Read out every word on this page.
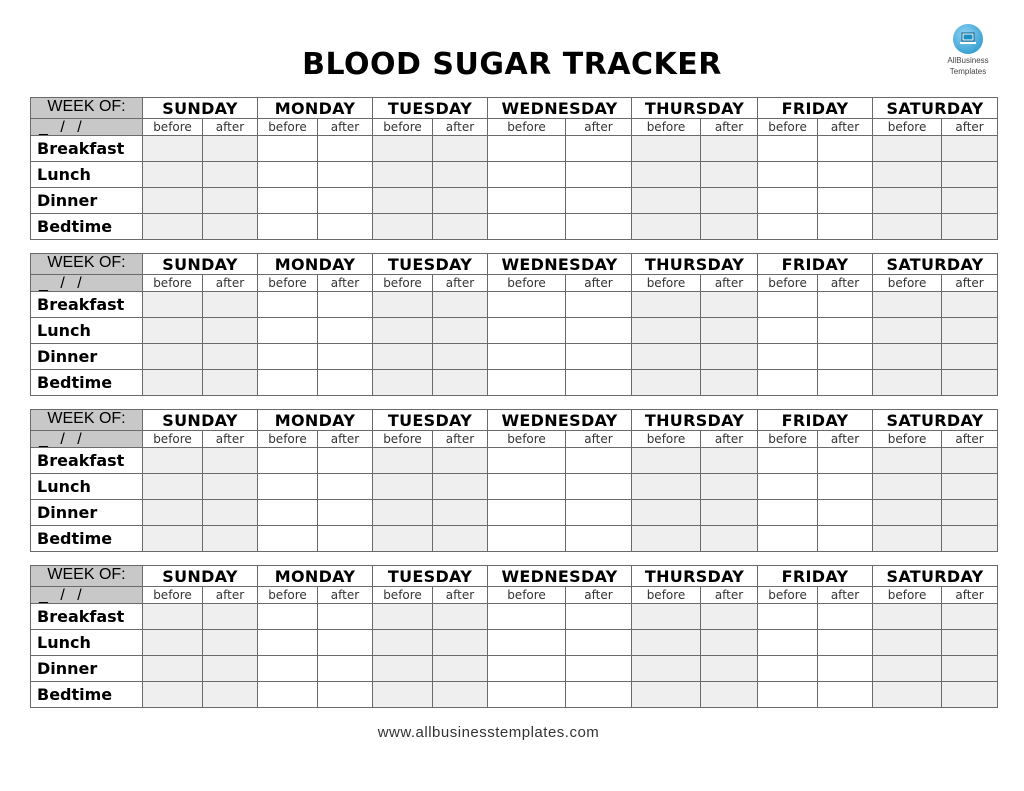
BLOOD SUGAR TRACKER	AllBusiness
Templates
WEEK OF:	SUNDAY		MONDAY		TUESDAY		WEDNESDAY		THURSDAY		FRIDAY		SATURDAY	
_ / /	before	after	before	after	before	after	before	after	before	after	before	after	before	after
Breakfast														
Lunch														
Dinner														
Bedtime														
WEEK OF:	SUNDAY		MONDAY		TUESDAY		WEDNESDAY		THURSDAY		FRIDAY		SATURDAY	
_ / /	before	after	before	after	before	after	before	after	before	after	before	after	before	after
Breakfast														
Lunch														
Dinner														
Bedtime														
WEEK OF:	SUNDAY		MONDAY		TUESDAY		WEDNESDAY		THURSDAY		FRIDAY		SATURDAY	
_ / /	before	after	before	after	before	after	before	after	before	after	before	after	before	after
Breakfast														
Lunch														
Dinner														
Bedtime														
WEEK OF:	SUNDAY		MONDAY		TUESDAY		WEDNESDAY		THURSDAY		FRIDAY		SATURDAY	
_ / /	before	after	before	after	before	after	before	after	before	after	before	after	before	after
Breakfast														
Lunch														
Dinner														
Bedtime														
www.allbusinesstemplates.com
